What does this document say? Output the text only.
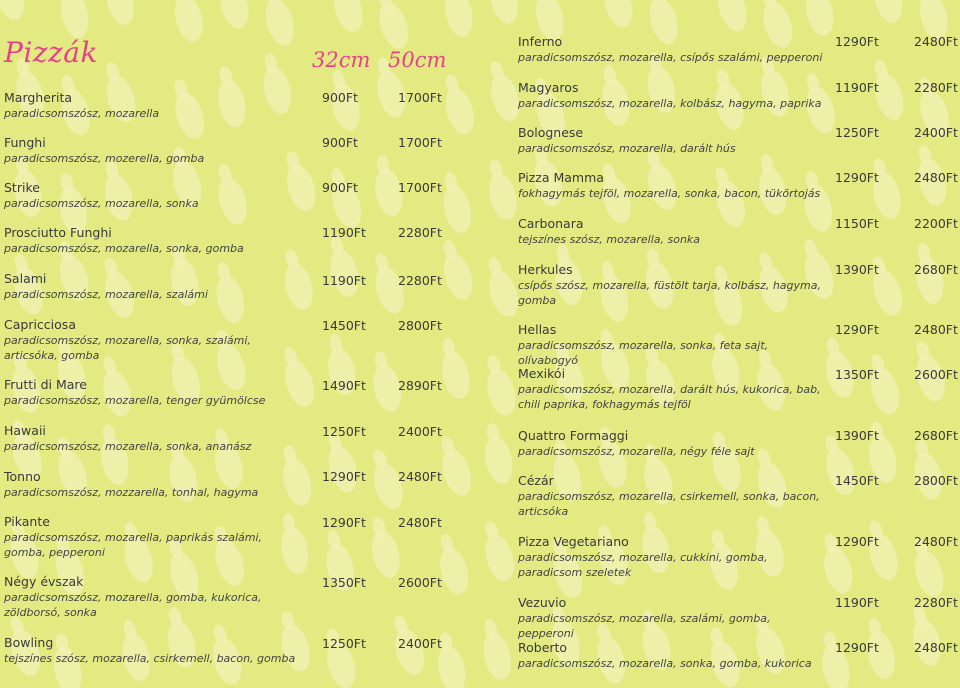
Pizzák	32cm 50cm
Margherita
paradicsomszósz, mozarella
900Ft	1700Ft
Funghi
paradicsomszósz, mozerella, gomba
900Ft	1700Ft
Strike
paradicsomszósz, mozarella, sonka
900Ft	1700Ft
Prosciutto Funghi
paradicsomszósz, mozarella, sonka, gomba
1190Ft	2280Ft
Salami
paradicsomszósz, mozarella, szalámi
1190Ft	2280Ft
Capricciosa
paradicsomszósz, mozarella, sonka, szalámi, articsóka, gomba
1450Ft	2800Ft
Frutti di Mare
paradicsomszósz, mozarella, tenger gyümölcse
1490Ft	2890Ft
Hawaii
paradicsomszósz, mozarella, sonka, ananász
1250Ft	2400Ft
Tonno
paradicsomszósz, mozzarella, tonhal, hagyma
1290Ft	2480Ft
Pikante
paradicsomszósz, mozarella, paprikás szalámi, gomba, pepperoni
1290Ft	2480Ft
Négy évszak
paradicsomszósz, mozarella, gomba, kukorica, zöldborsó, sonka
1350Ft	2600Ft
Bowling
tejszínes szósz, mozarella, csirkemell, bacon, gomba
1250Ft	2400Ft
Inferno
paradicsomszósz, mozarella, csípős szalámi, pepperoni
1290Ft	2480Ft
Magyaros
paradicsomszósz, mozarella, kolbász, hagyma, paprika
1190Ft	2280Ft
Bolognese
paradicsomszósz, mozarella, darált hús
1250Ft	2400Ft
Pizza Mamma
fokhagymás tejföl, mozarella, sonka, bacon, tükörtojás
1290Ft	2480Ft
Carbonara
tejszínes szósz, mozarella, sonka
1150Ft	2200Ft
Herkules
csípős szósz, mozarella, füstölt tarja, kolbász, hagyma, gomba
1390Ft	2680Ft
Hellas
paradicsomszósz, mozarella, sonka, feta sajt, olívabogyó
1290Ft	2480Ft
Mexikói
paradicsomszósz, mozarella, darált hús, kukorica, bab, chili paprika, fokhagymás tejföl
1350Ft	2600Ft
Quattro Formaggi
paradicsomszósz, mozarella, négy féle sajt
1390Ft	2680Ft
Cézár
paradicsomszósz, mozarella, csirkemell, sonka, bacon, articsóka
1450Ft	2800Ft
Pizza Vegetariano
paradicsomszósz, mozarella, cukkini, gomba, paradicsom szeletek
1290Ft	2480Ft
Vezuvio
paradicsomszósz, mozarella, szalámi, gomba, pepperoni
1190Ft	2280Ft
Roberto
paradicsomszósz, mozarella, sonka, gomba, kukorica
1290Ft	2480Ft
